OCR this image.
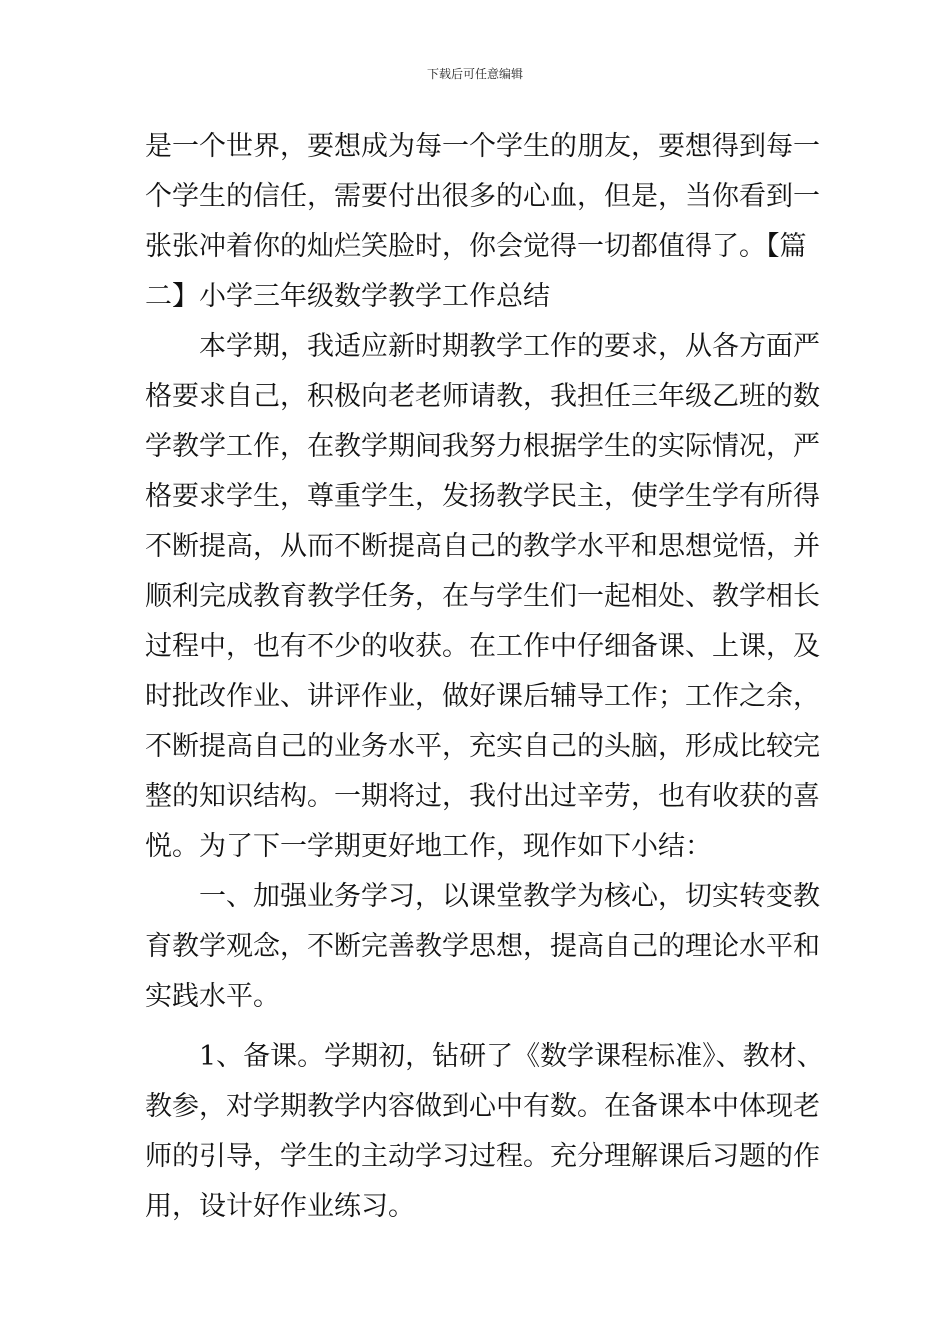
下载后可任意编辑
是一个世界，要想成为每一个学生的朋友，要想得到每一
个学生的信任，需要付出很多的心血，但是，当你看到一
张张冲着你的灿烂笑脸时，你会觉得一切都值得了。【篇
二】小学三年级数学教学工作总结
　　本学期，我适应新时期教学工作的要求，从各方面严
格要求自己，积极向老老师请教，我担任三年级乙班的数
学教学工作，在教学期间我努力根据学生的实际情况，严
格要求学生，尊重学生，发扬教学民主，使学生学有所得
不断提高，从而不断提高自己的教学水平和思想觉悟，并
顺利完成教育教学任务，在与学生们一起相处、教学相长
过程中，也有不少的收获。在工作中仔细备课、上课，及
时批改作业、讲评作业，做好课后辅导工作；工作之余，
不断提高自己的业务水平，充实自己的头脑，形成比较完
整的知识结构。一期将过，我付出过辛劳，也有收获的喜
悦。为了下一学期更好地工作，现作如下小结：
　　一、加强业务学习，以课堂教学为核心，切实转变教
育教学观念，不断完善教学思想，提高自己的理论水平和
实践水平。
　　1、备课。学期初，钻研了《数学课程标准》、教材、
教参，对学期教学内容做到心中有数。在备课本中体现老
师的引导，学生的主动学习过程。充分理解课后习题的作
用，设计好作业练习。
